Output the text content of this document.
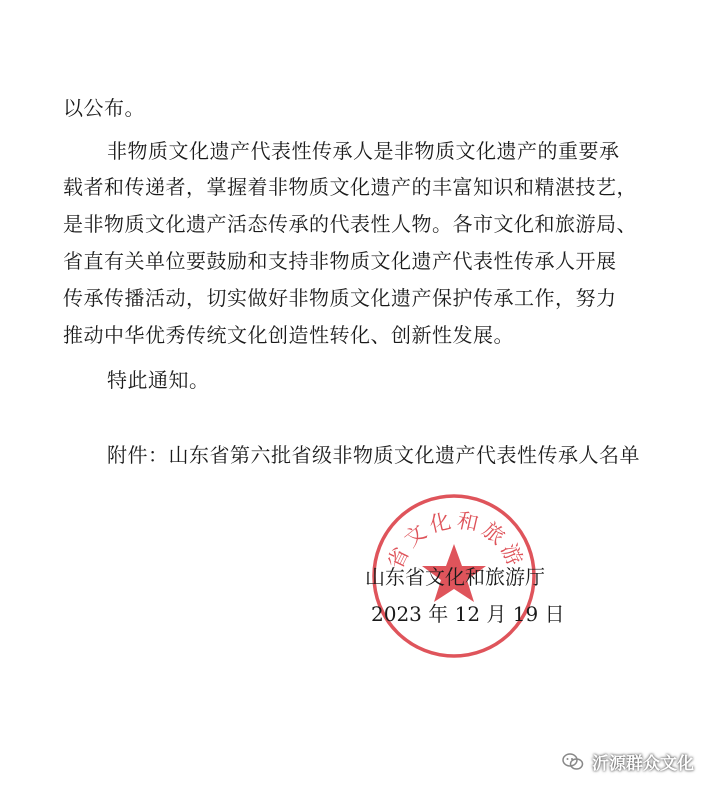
以公布。
非物质文化遗产代表性传承人是非物质文化遗产的重要承
载者和传递者，掌握着非物质文化遗产的丰富知识和精湛技艺，
是非物质文化遗产活态传承的代表性人物。各市文化和旅游局、
省直有关单位要鼓励和支持非物质文化遗产代表性传承人开展
传承传播活动，切实做好非物质文化遗产保护传承工作，努力
推动中华优秀传统文化创造性转化、创新性发展。
特此通知。
附件：山东省第六批省级非物质文化遗产代表性传承人名单
省文化和旅游
山东省文化和旅游厅
2023 年 12 月 19 日
沂源群众文化
